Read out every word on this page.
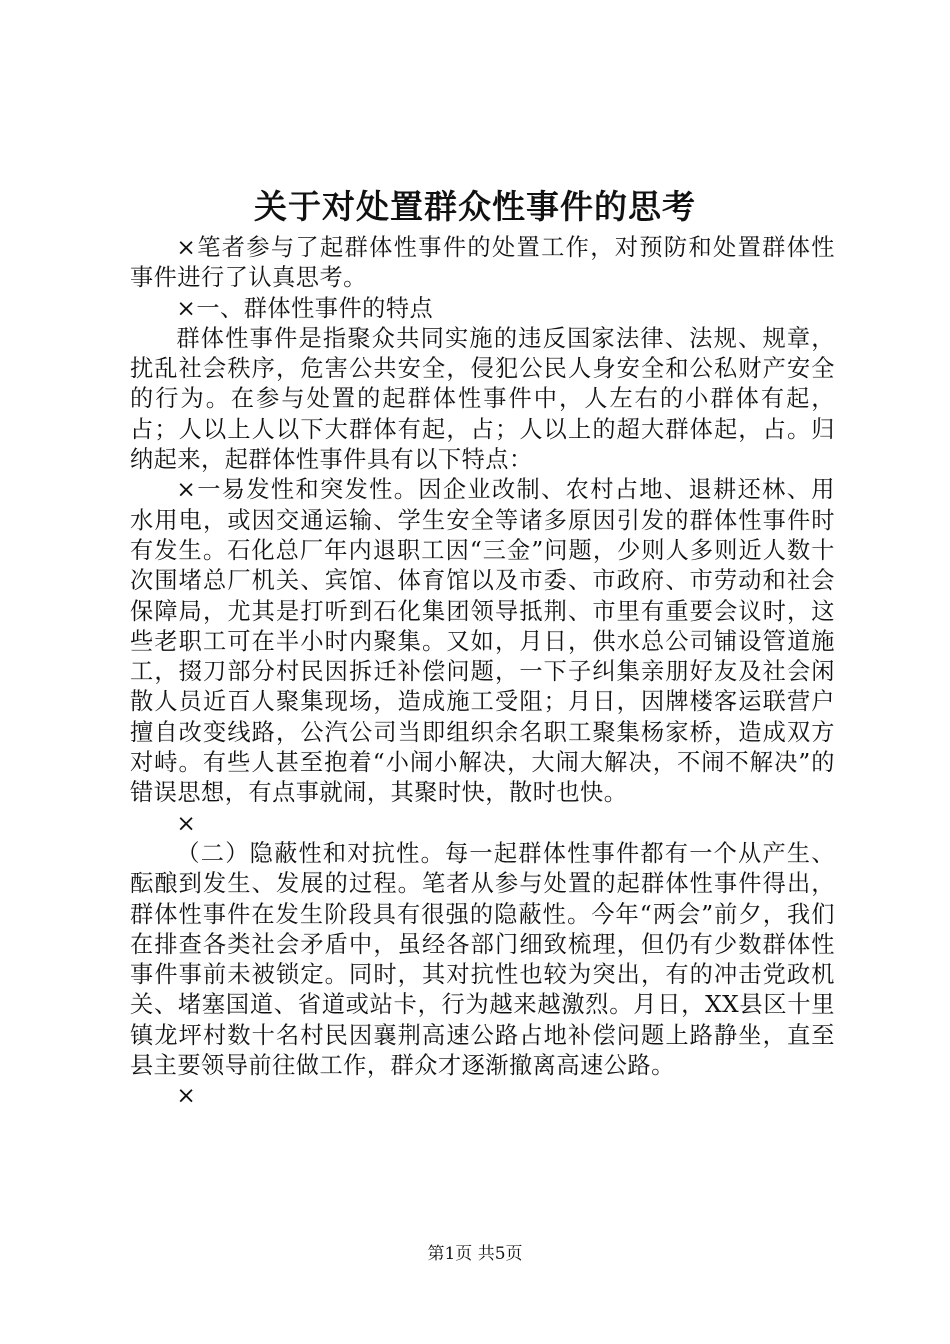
关于对处置群众性事件的思考

×笔者参与了起群体性事件的处置工作，对预防和处置群体性事件进行了认真思考。

×一、群体性事件的特点

群体性事件是指聚众共同实施的违反国家法律、法规、规章，扰乱社会秩序，危害公共安全，侵犯公民人身安全和公私财产安全的行为。在参与处置的起群体性事件中，人左右的小群体有起，占；人以上人以下大群体有起，占；人以上的超大群体起，占。归纳起来，起群体性事件具有以下特点：

×一易发性和突发性。因企业改制、农村占地、退耕还林、用水用电，或因交通运输、学生安全等诸多原因引发的群体性事件时有发生。石化总厂年内退职工因“三金”问题，少则人多则近人数十次围堵总厂机关、宾馆、体育馆以及市委、市政府、市劳动和社会保障局，尤其是打听到石化集团领导抵荆、市里有重要会议时，这些老职工可在半小时内聚集。又如，月日，供水总公司铺设管道施工，掇刀部分村民因拆迁补偿问题，一下子纠集亲朋好友及社会闲散人员近百人聚集现场，造成施工受阻；月日，因牌楼客运联营户擅自改变线路，公汽公司当即组织余名职工聚集杨家桥，造成双方对峙。有些人甚至抱着“小闹小解决，大闹大解决，不闹不解决”的错误思想，有点事就闹，其聚时快，散时也快。

×

（二）隐蔽性和对抗性。每一起群体性事件都有一个从产生、酝酿到发生、发展的过程。笔者从参与处置的起群体性事件得出，群体性事件在发生阶段具有很强的隐蔽性。今年“两会”前夕，我们在排查各类社会矛盾中，虽经各部门细致梳理，但仍有少数群体性事件事前未被锁定。同时，其对抗性也较为突出，有的冲击党政机关、堵塞国道、省道或站卡，行为越来越激烈。月日，XX县区十里镇龙坪村数十名村民因襄荆高速公路占地补偿问题上路静坐，直至县主要领导前往做工作，群众才逐渐撤离高速公路。

×

第1页 共5页
